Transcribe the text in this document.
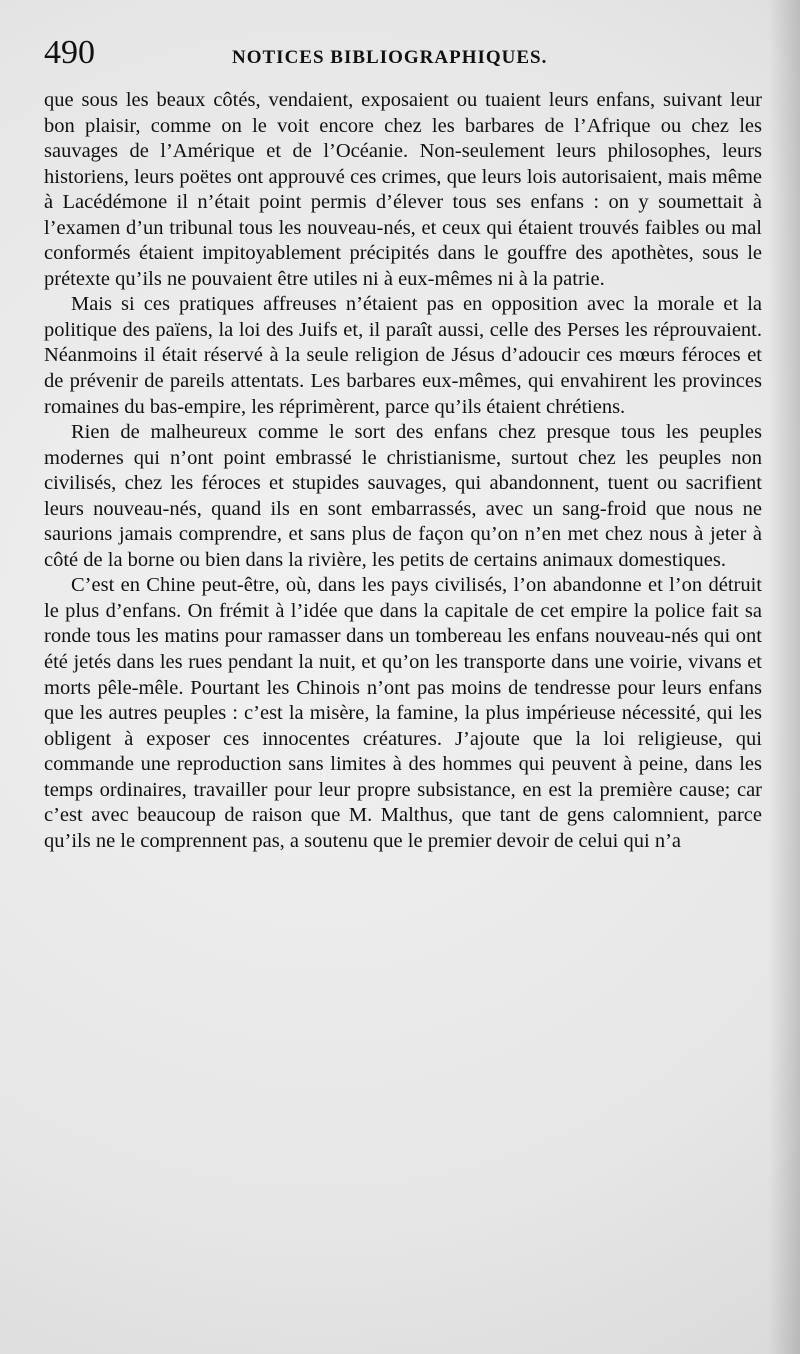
490	NOTICES BIBLIOGRAPHIQUES.

que sous les beaux côtés, vendaient, exposaient ou tuaient leurs enfans, suivant leur bon plaisir, comme on le voit encore chez les barbares de l’Afrique ou chez les sauvages de l’Amérique et de l’Océanie. Non-seulement leurs philosophes, leurs historiens, leurs poëtes ont approuvé ces crimes, que leurs lois autorisaient, mais même à Lacédémone il n’était point permis d’élever tous ses enfans : on y soumettait à l’examen d’un tribunal tous les nouveau-nés, et ceux qui étaient trouvés faibles ou mal conformés étaient impitoyablement précipités dans le gouffre des apothètes, sous le prétexte qu’ils ne pouvaient être utiles ni à eux-mêmes ni à la patrie.

Mais si ces pratiques affreuses n’étaient pas en opposition avec la morale et la politique des païens, la loi des Juifs et, il paraît aussi, celle des Perses les réprouvaient. Néanmoins il était réservé à la seule religion de Jésus d’adoucir ces mœurs féroces et de prévenir de pareils attentats. Les barbares eux-mêmes, qui envahirent les provinces romaines du bas-empire, les réprimèrent, parce qu’ils étaient chrétiens.

Rien de malheureux comme le sort des enfans chez presque tous les peuples modernes qui n’ont point embrassé le christianisme, surtout chez les peuples non civilisés, chez les féroces et stupides sauvages, qui abandonnent, tuent ou sacrifient leurs nouveau-nés, quand ils en sont embarrassés, avec un sang-froid que nous ne saurions jamais comprendre, et sans plus de façon qu’on n’en met chez nous à jeter à côté de la borne ou bien dans la rivière, les petits de certains animaux domestiques.

C’est en Chine peut-être, où, dans les pays civilisés, l’on abandonne et l’on détruit le plus d’enfans. On frémit à l’idée que dans la capitale de cet empire la police fait sa ronde tous les matins pour ramasser dans un tombereau les enfans nouveau-nés qui ont été jetés dans les rues pendant la nuit, et qu’on les transporte dans une voirie, vivans et morts pêle-mêle. Pourtant les Chinois n’ont pas moins de tendresse pour leurs enfans que les autres peuples : c’est la misère, la famine, la plus impérieuse nécessité, qui les obligent à exposer ces innocentes créatures. J’ajoute que la loi religieuse, qui commande une reproduction sans limites à des hommes qui peuvent à peine, dans les temps ordinaires, travailler pour leur propre subsistance, en est la première cause; car c’est avec beaucoup de raison que M. Malthus, que tant de gens calomnient, parce qu’ils ne le comprennent pas, a soutenu que le premier devoir de celui qui n’a
